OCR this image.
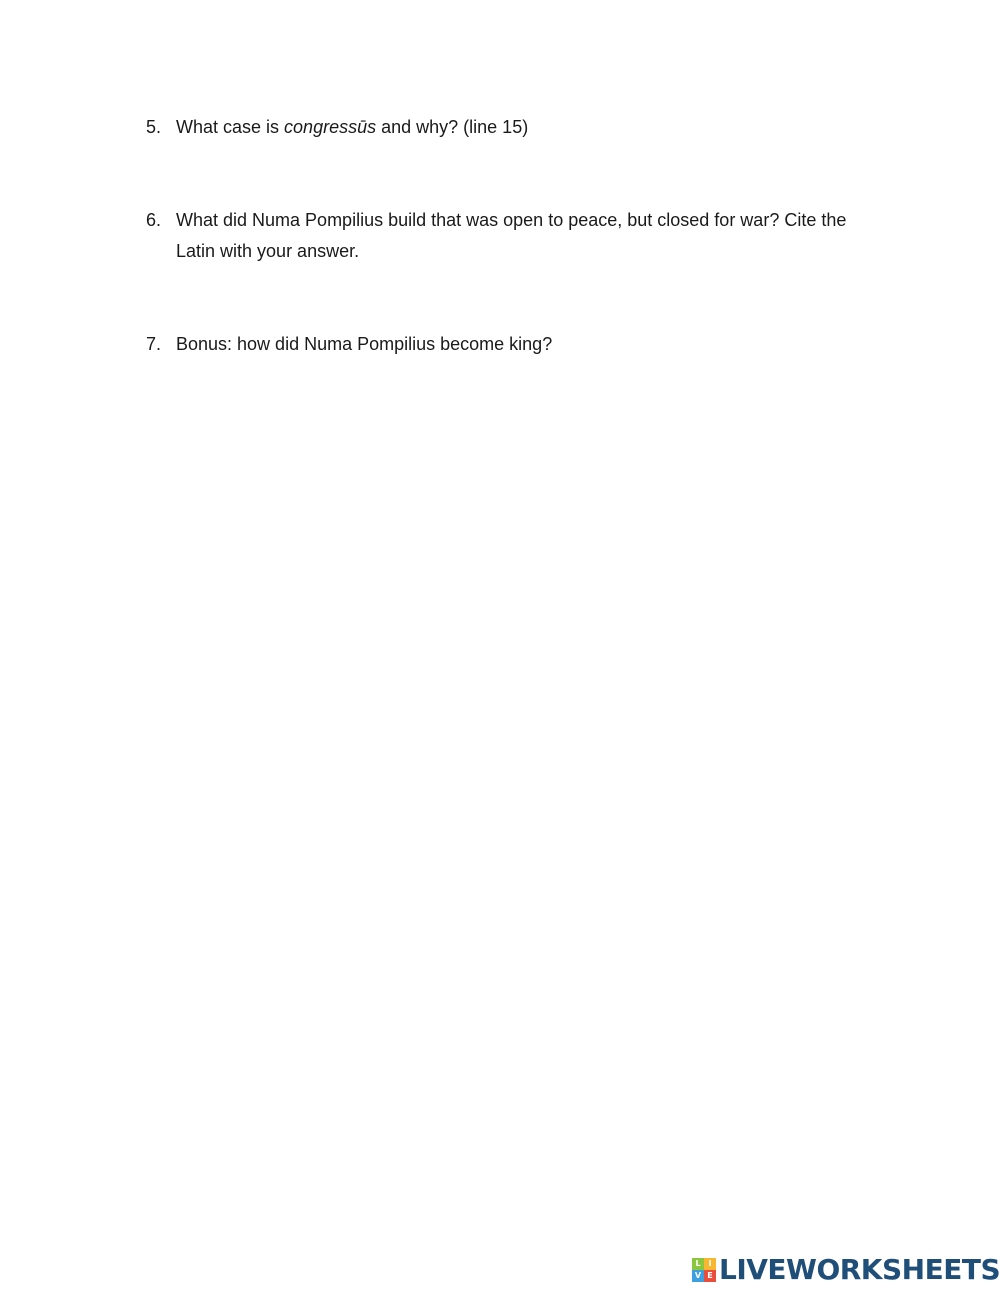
5. What case is congressūs and why? (line 15)
6. What did Numa Pompilius build that was open to peace, but closed for war? Cite the
Latin with your answer.
7. Bonus: how did Numa Pompilius become king?
L I
V E LIVEWORKSHEETS
